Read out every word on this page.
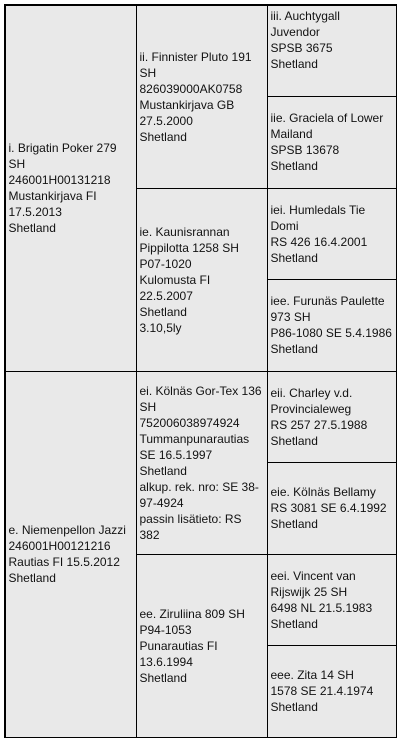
i. Brigatin Poker 279
SH
246001H00131218
Mustankirjava FI
17.5.2013
Shetland
ii. Finnister Pluto 191
SH
826039000AK0758
Mustankirjava GB
27.5.2000
Shetland
iii. Auchtygall Juvendor
SPSB 3675
Shetland
iie. Graciela of Lower
Mailand
SPSB 13678
Shetland
ie. Kaunisrannan
Pippilotta 1258 SH
P07-1020
Kulomusta FI
22.5.2007
Shetland
3.10,5ly
iei. Humledals Tie
Domi
RS 426 16.4.2001
Shetland
iee. Furunäs Paulette
973 SH
P86-1080 SE 5.4.1986
Shetland
e. Niemenpellon Jazzi
246001H00121216
Rautias FI 15.5.2012
Shetland
ei. Kölnäs Gor-Tex 136
SH
752006038974924
Tummanpunarautias
SE 16.5.1997
Shetland
alkup. rek. nro: SE 38-
97-4924
passin lisätieto: RS
382
eii. Charley v.d.
Provincialeweg
RS 257 27.5.1988
Shetland
eie. Kölnäs Bellamy
RS 3081 SE 6.4.1992
Shetland
ee. Ziruliina 809 SH
P94-1053
Punarautias FI
13.6.1994
Shetland
eei. Vincent van
Rijswijk 25 SH
6498 NL 21.5.1983
Shetland
eee. Zita 14 SH
1578 SE 21.4.1974
Shetland
